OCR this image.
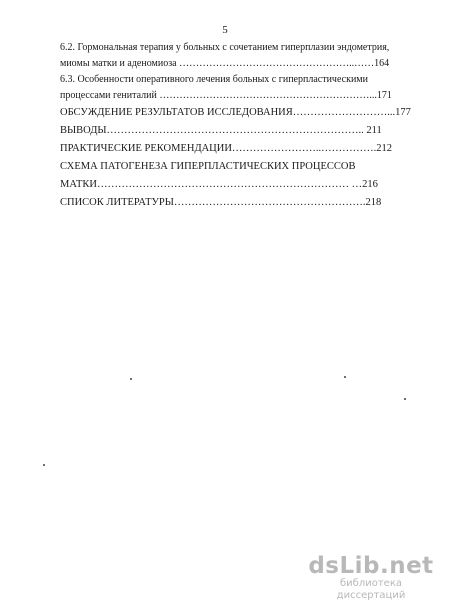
5
6.2. Гормональная терапия у больных с сочетанием гиперплазии эндометрия,
миомы матки и аденомиоза ……………………………………………..……164
6.3. Особенности оперативного лечения больных с гиперпластическими
процессами гениталий ………………………………………………………...171
ОБСУЖДЕНИЕ РЕЗУЛЬТАТОВ ИССЛЕДОВАНИЯ………………………...177
ВЫВОДЫ……………………………………………………………….. 211
ПРАКТИЧЕСКИЕ РЕКОМЕНДАЦИИ……………………..…………….212
СХЕМА ПАТОГЕНЕЗА ГИПЕРПЛАСТИЧЕСКИХ ПРОЦЕССОВ
МАТКИ……………………………………………………………… …216
СПИСОК ЛИТЕРАТУРЫ……………………………………………….218
dsLib.net
библиотека диссертаций
